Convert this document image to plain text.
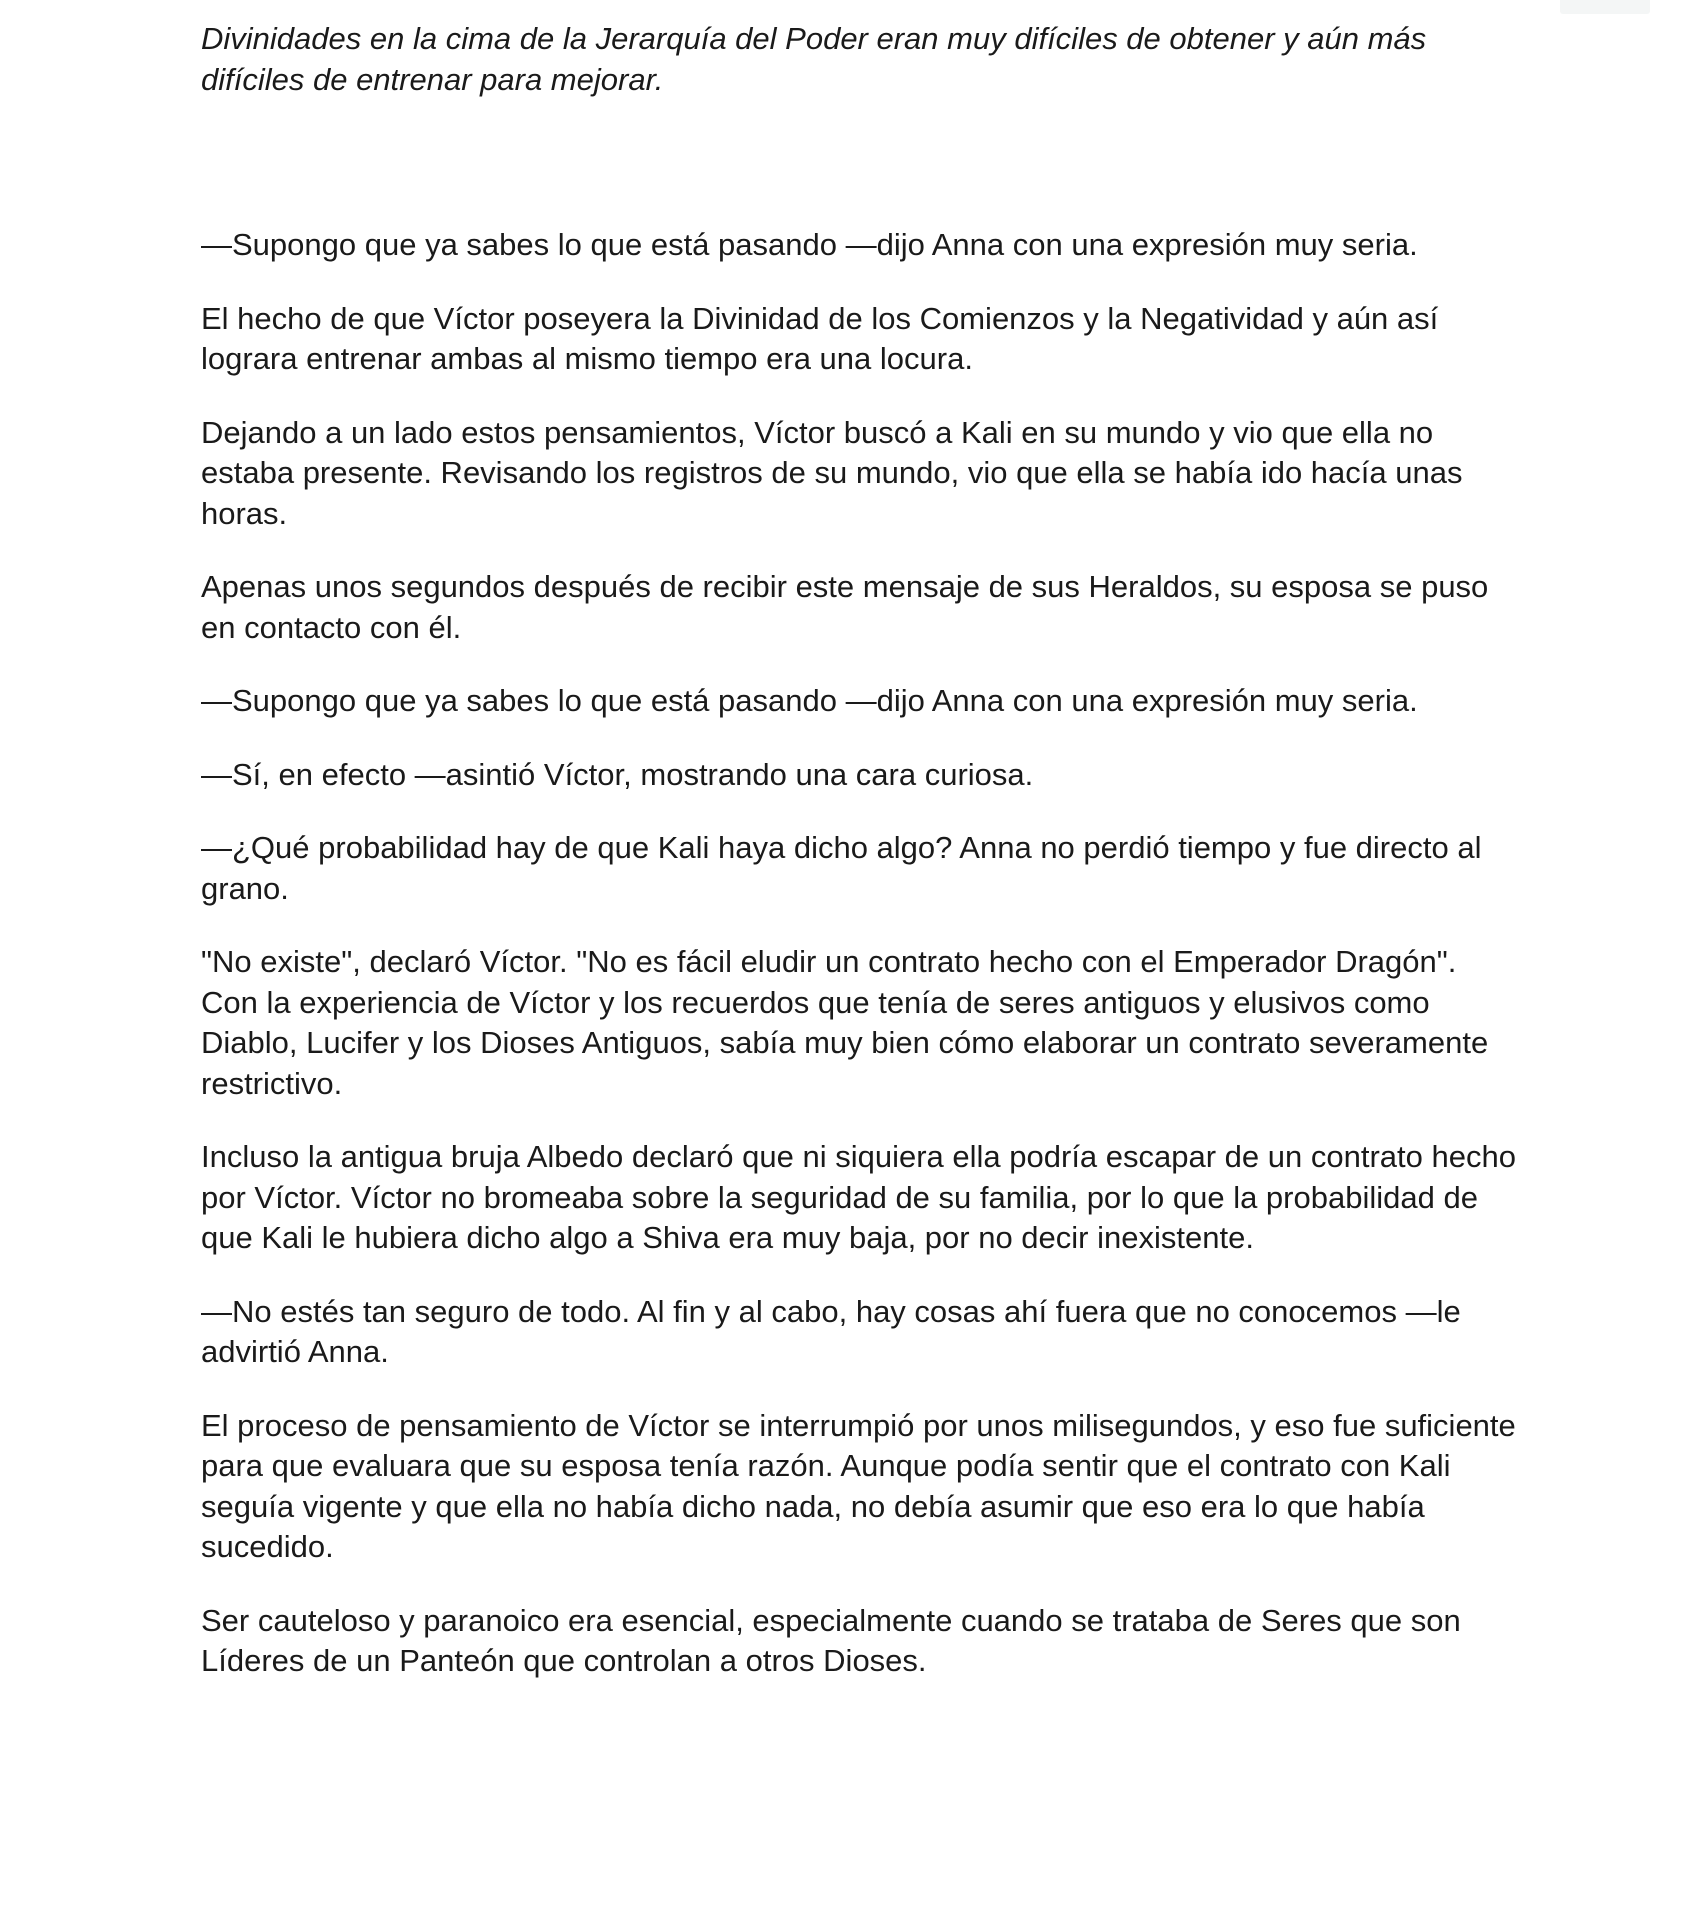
Divinidades en la cima de la Jerarquía del Poder eran muy difíciles de obtener y aún más difíciles de entrenar para mejorar.

—Supongo que ya sabes lo que está pasando —dijo Anna con una expresión muy seria.

El hecho de que Víctor poseyera la Divinidad de los Comienzos y la Negatividad y aún así lograra entrenar ambas al mismo tiempo era una locura.

Dejando a un lado estos pensamientos, Víctor buscó a Kali en su mundo y vio que ella no estaba presente. Revisando los registros de su mundo, vio que ella se había ido hacía unas horas.

Apenas unos segundos después de recibir este mensaje de sus Heraldos, su esposa se puso en contacto con él.

—Supongo que ya sabes lo que está pasando —dijo Anna con una expresión muy seria.

—Sí, en efecto —asintió Víctor, mostrando una cara curiosa.

—¿Qué probabilidad hay de que Kali haya dicho algo? Anna no perdió tiempo y fue directo al grano.

"No existe", declaró Víctor. "No es fácil eludir un contrato hecho con el Emperador Dragón". Con la experiencia de Víctor y los recuerdos que tenía de seres antiguos y elusivos como Diablo, Lucifer y los Dioses Antiguos, sabía muy bien cómo elaborar un contrato severamente restrictivo.

Incluso la antigua bruja Albedo declaró que ni siquiera ella podría escapar de un contrato hecho por Víctor. Víctor no bromeaba sobre la seguridad de su familia, por lo que la probabilidad de que Kali le hubiera dicho algo a Shiva era muy baja, por no decir inexistente.

—No estés tan seguro de todo. Al fin y al cabo, hay cosas ahí fuera que no conocemos —le advirtió Anna.

El proceso de pensamiento de Víctor se interrumpió por unos milisegundos, y eso fue suficiente para que evaluara que su esposa tenía razón. Aunque podía sentir que el contrato con Kali seguía vigente y que ella no había dicho nada, no debía asumir que eso era lo que había sucedido.

Ser cauteloso y paranoico era esencial, especialmente cuando se trataba de Seres que son Líderes de un Panteón que controlan a otros Dioses.
